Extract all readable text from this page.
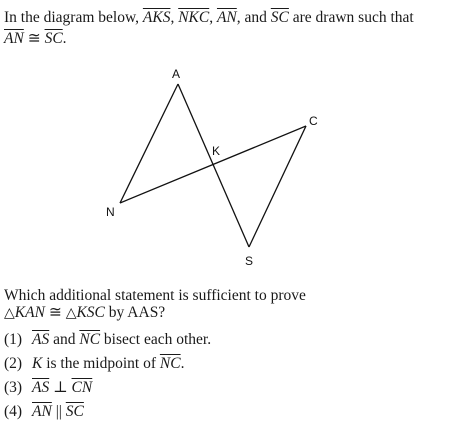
In the diagram below, $\overline{AKS}$, $\overline{NKC}$, $\overline{AN}$, and $\overline{SC}$ are drawn such that
$\overline{AN}$ ≅ $\overline{SC}$.
A
K
C
N
S
Which additional statement is sufficient to prove
△KAN ≅ △KSC by AAS?
(1) $\overline{AS}$ and $\overline{NC}$ bisect each other.
(2) K is the midpoint of $\overline{NC}$.
(3) $\overline{AS}$ ⊥ $\overline{CN}$
(4) $\overline{AN}$ || $\overline{SC}$
